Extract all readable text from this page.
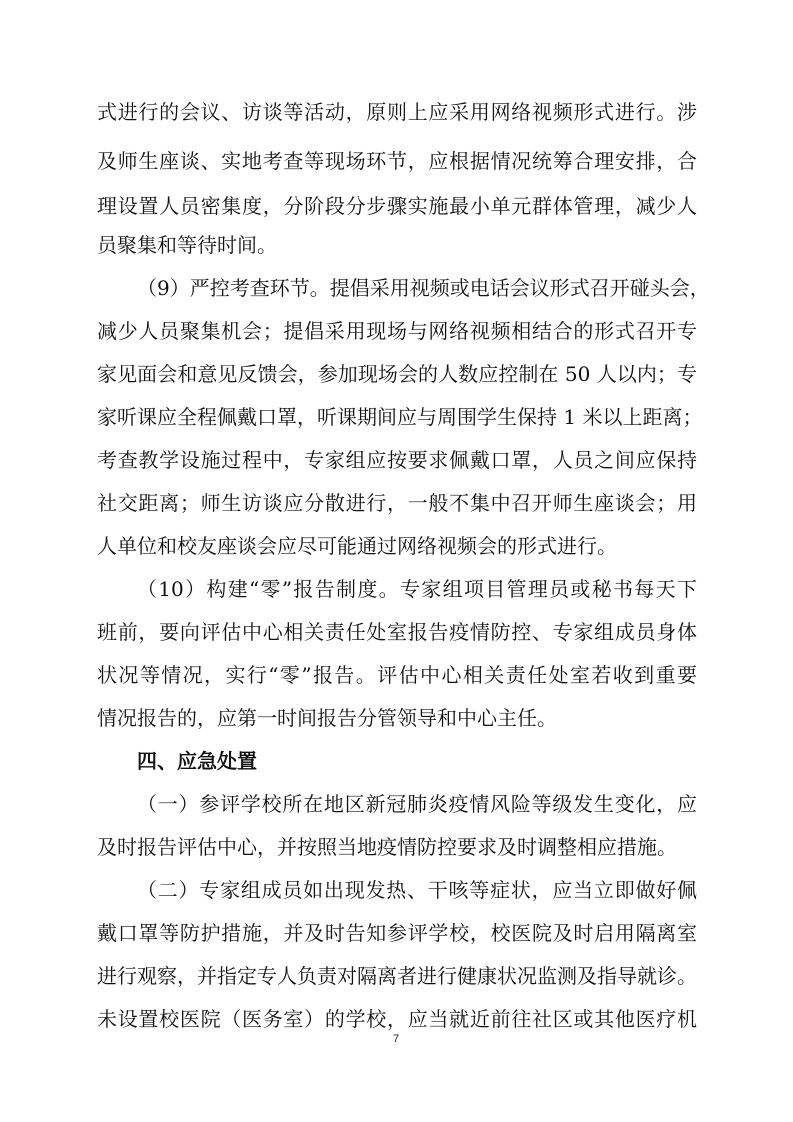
式进行的会议、访谈等活动，原则上应采用网络视频形式进行。涉
及师生座谈、实地考查等现场环节，应根据情况统筹合理安排，合
理设置人员密集度，分阶段分步骤实施最小单元群体管理，减少人
员聚集和等待时间。
（9）严控考查环节。提倡采用视频或电话会议形式召开碰头会，
减少人员聚集机会；提倡采用现场与网络视频相结合的形式召开专
家见面会和意见反馈会，参加现场会的人数应控制在 50 人以内；专
家听课应全程佩戴口罩，听课期间应与周围学生保持 1 米以上距离；
考查教学设施过程中，专家组应按要求佩戴口罩，人员之间应保持
社交距离；师生访谈应分散进行，一般不集中召开师生座谈会；用
人单位和校友座谈会应尽可能通过网络视频会的形式进行。
（10）构建“零”报告制度。专家组项目管理员或秘书每天下
班前，要向评估中心相关责任处室报告疫情防控、专家组成员身体
状况等情况，实行“零”报告。评估中心相关责任处室若收到重要
情况报告的，应第一时间报告分管领导和中心主任。
四、应急处置
（一）参评学校所在地区新冠肺炎疫情风险等级发生变化，应
及时报告评估中心，并按照当地疫情防控要求及时调整相应措施。
（二）专家组成员如出现发热、干咳等症状，应当立即做好佩
戴口罩等防护措施，并及时告知参评学校，校医院及时启用隔离室
进行观察，并指定专人负责对隔离者进行健康状况监测及指导就诊。
未设置校医院（医务室）的学校，应当就近前往社区或其他医疗机
7
